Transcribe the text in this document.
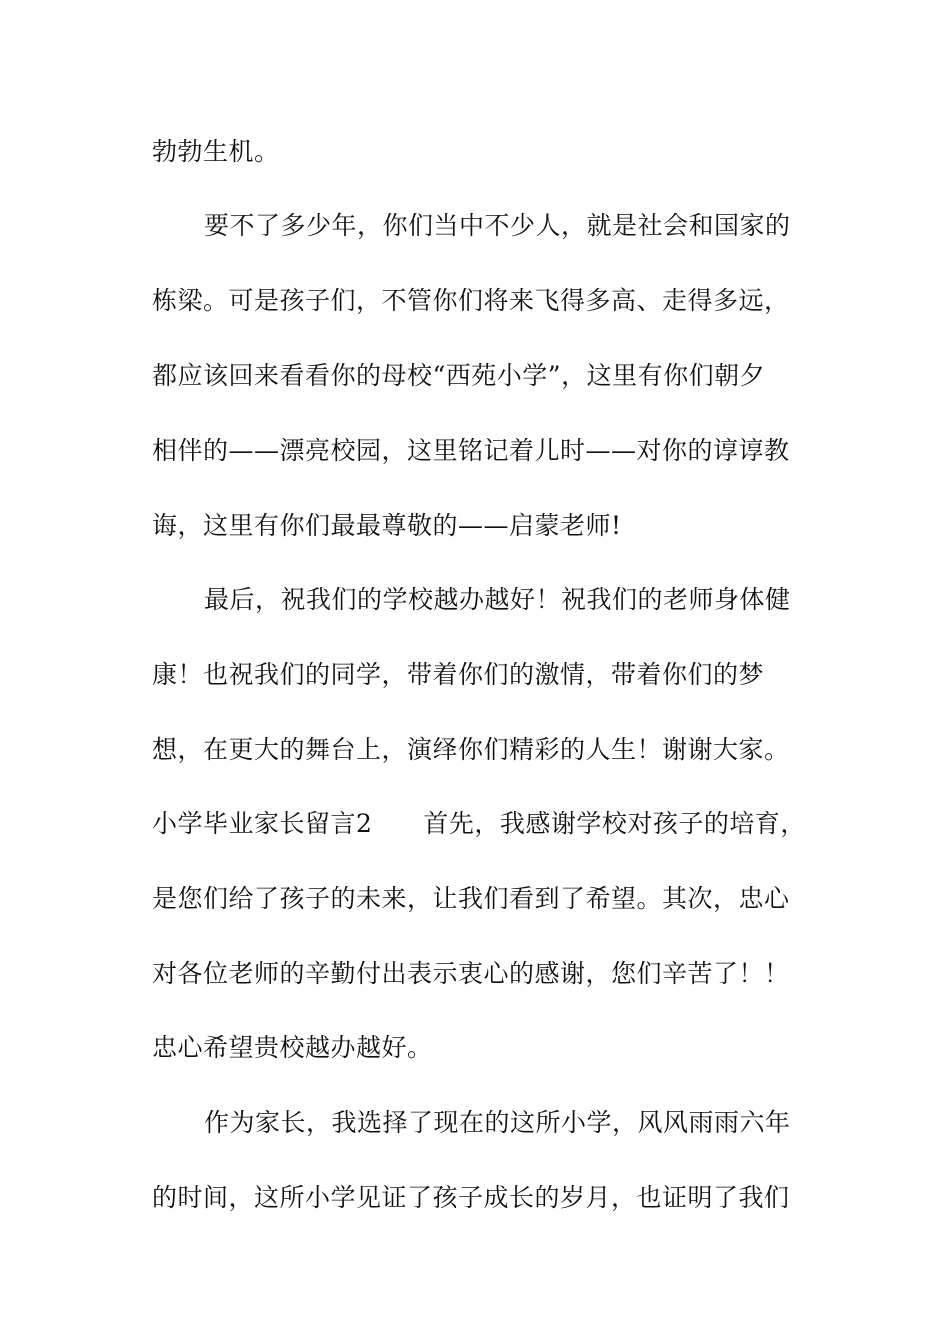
勃勃生机。
要不了多少年，你们当中不少人，就是社会和国家的
栋梁。可是孩子们，不管你们将来飞得多高、走得多远，
都应该回来看看你的母校“西苑小学”，这里有你们朝夕
相伴的——漂亮校园，这里铭记着儿时——对你的谆谆教
诲，这里有你们最最尊敬的——启蒙老师!
最后，祝我们的学校越办越好！祝我们的老师身体健
康！也祝我们的同学，带着你们的激情，带着你们的梦
想，在更大的舞台上，演绎你们精彩的人生！谢谢大家。
小学毕业家长留言2　　首先，我感谢学校对孩子的培育，
是您们给了孩子的未来，让我们看到了希望。其次，忠心
对各位老师的辛勤付出表示衷心的感谢，您们辛苦了！！
忠心希望贵校越办越好。
作为家长，我选择了现在的这所小学，风风雨雨六年
的时间，这所小学见证了孩子成长的岁月，也证明了我们
